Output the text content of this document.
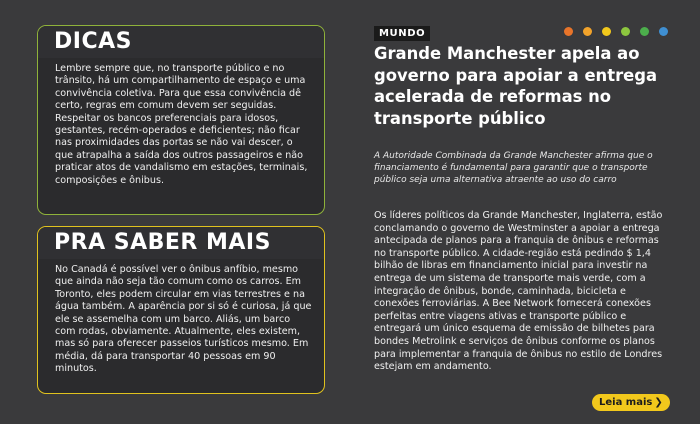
DICAS
Lembre sempre que, no transporte público e no trânsito, há um compartilhamento de espaço e uma convivência coletiva. Para que essa convivência dê certo, regras em comum devem ser seguidas. Respeitar os bancos preferenciais para idosos, gestantes, recém-operados e deficientes; não ficar nas proximidades das portas se não vai descer, o que atrapalha a saída dos outros passageiros e não praticar atos de vandalismo em estações, terminais, composições e ônibus.
PRA SABER MAIS
No Canadá é possível ver o ônibus anfíbio, mesmo que ainda não seja tão comum como os carros. Em Toronto, eles podem circular em vias terrestres e na água também. A aparência por si só é curiosa, já que ele se assemelha com um barco. Aliás, um barco com rodas, obviamente. Atualmente, eles existem, mas só para oferecer passeios turísticos mesmo. Em média, dá para transportar 40 pessoas em 90 minutos.
MUNDO
Grande Manchester apela ao governo para apoiar a entrega acelerada de reformas no transporte público

A Autoridade Combinada da Grande Manchester afirma que o financiamento é fundamental para garantir que o transporte público seja uma alternativa atraente ao uso do carro

Os líderes políticos da Grande Manchester, Inglaterra, estão conclamando o governo de Westminster a apoiar a entrega antecipada de planos para a franquia de ônibus e reformas no transporte público. A cidade-região está pedindo $ 1,4 bilhão de libras em financiamento inicial para investir na entrega de um sistema de transporte mais verde, com a integração de ônibus, bonde, caminhada, bicicleta e conexões ferroviárias. A Bee Network fornecerá conexões perfeitas entre viagens ativas e transporte público e entregará um único esquema de emissão de bilhetes para bondes Metrolink e serviços de ônibus conforme os planos para implementar a franquia de ônibus no estilo de Londres estejam em andamento.

Leia mais ❯
